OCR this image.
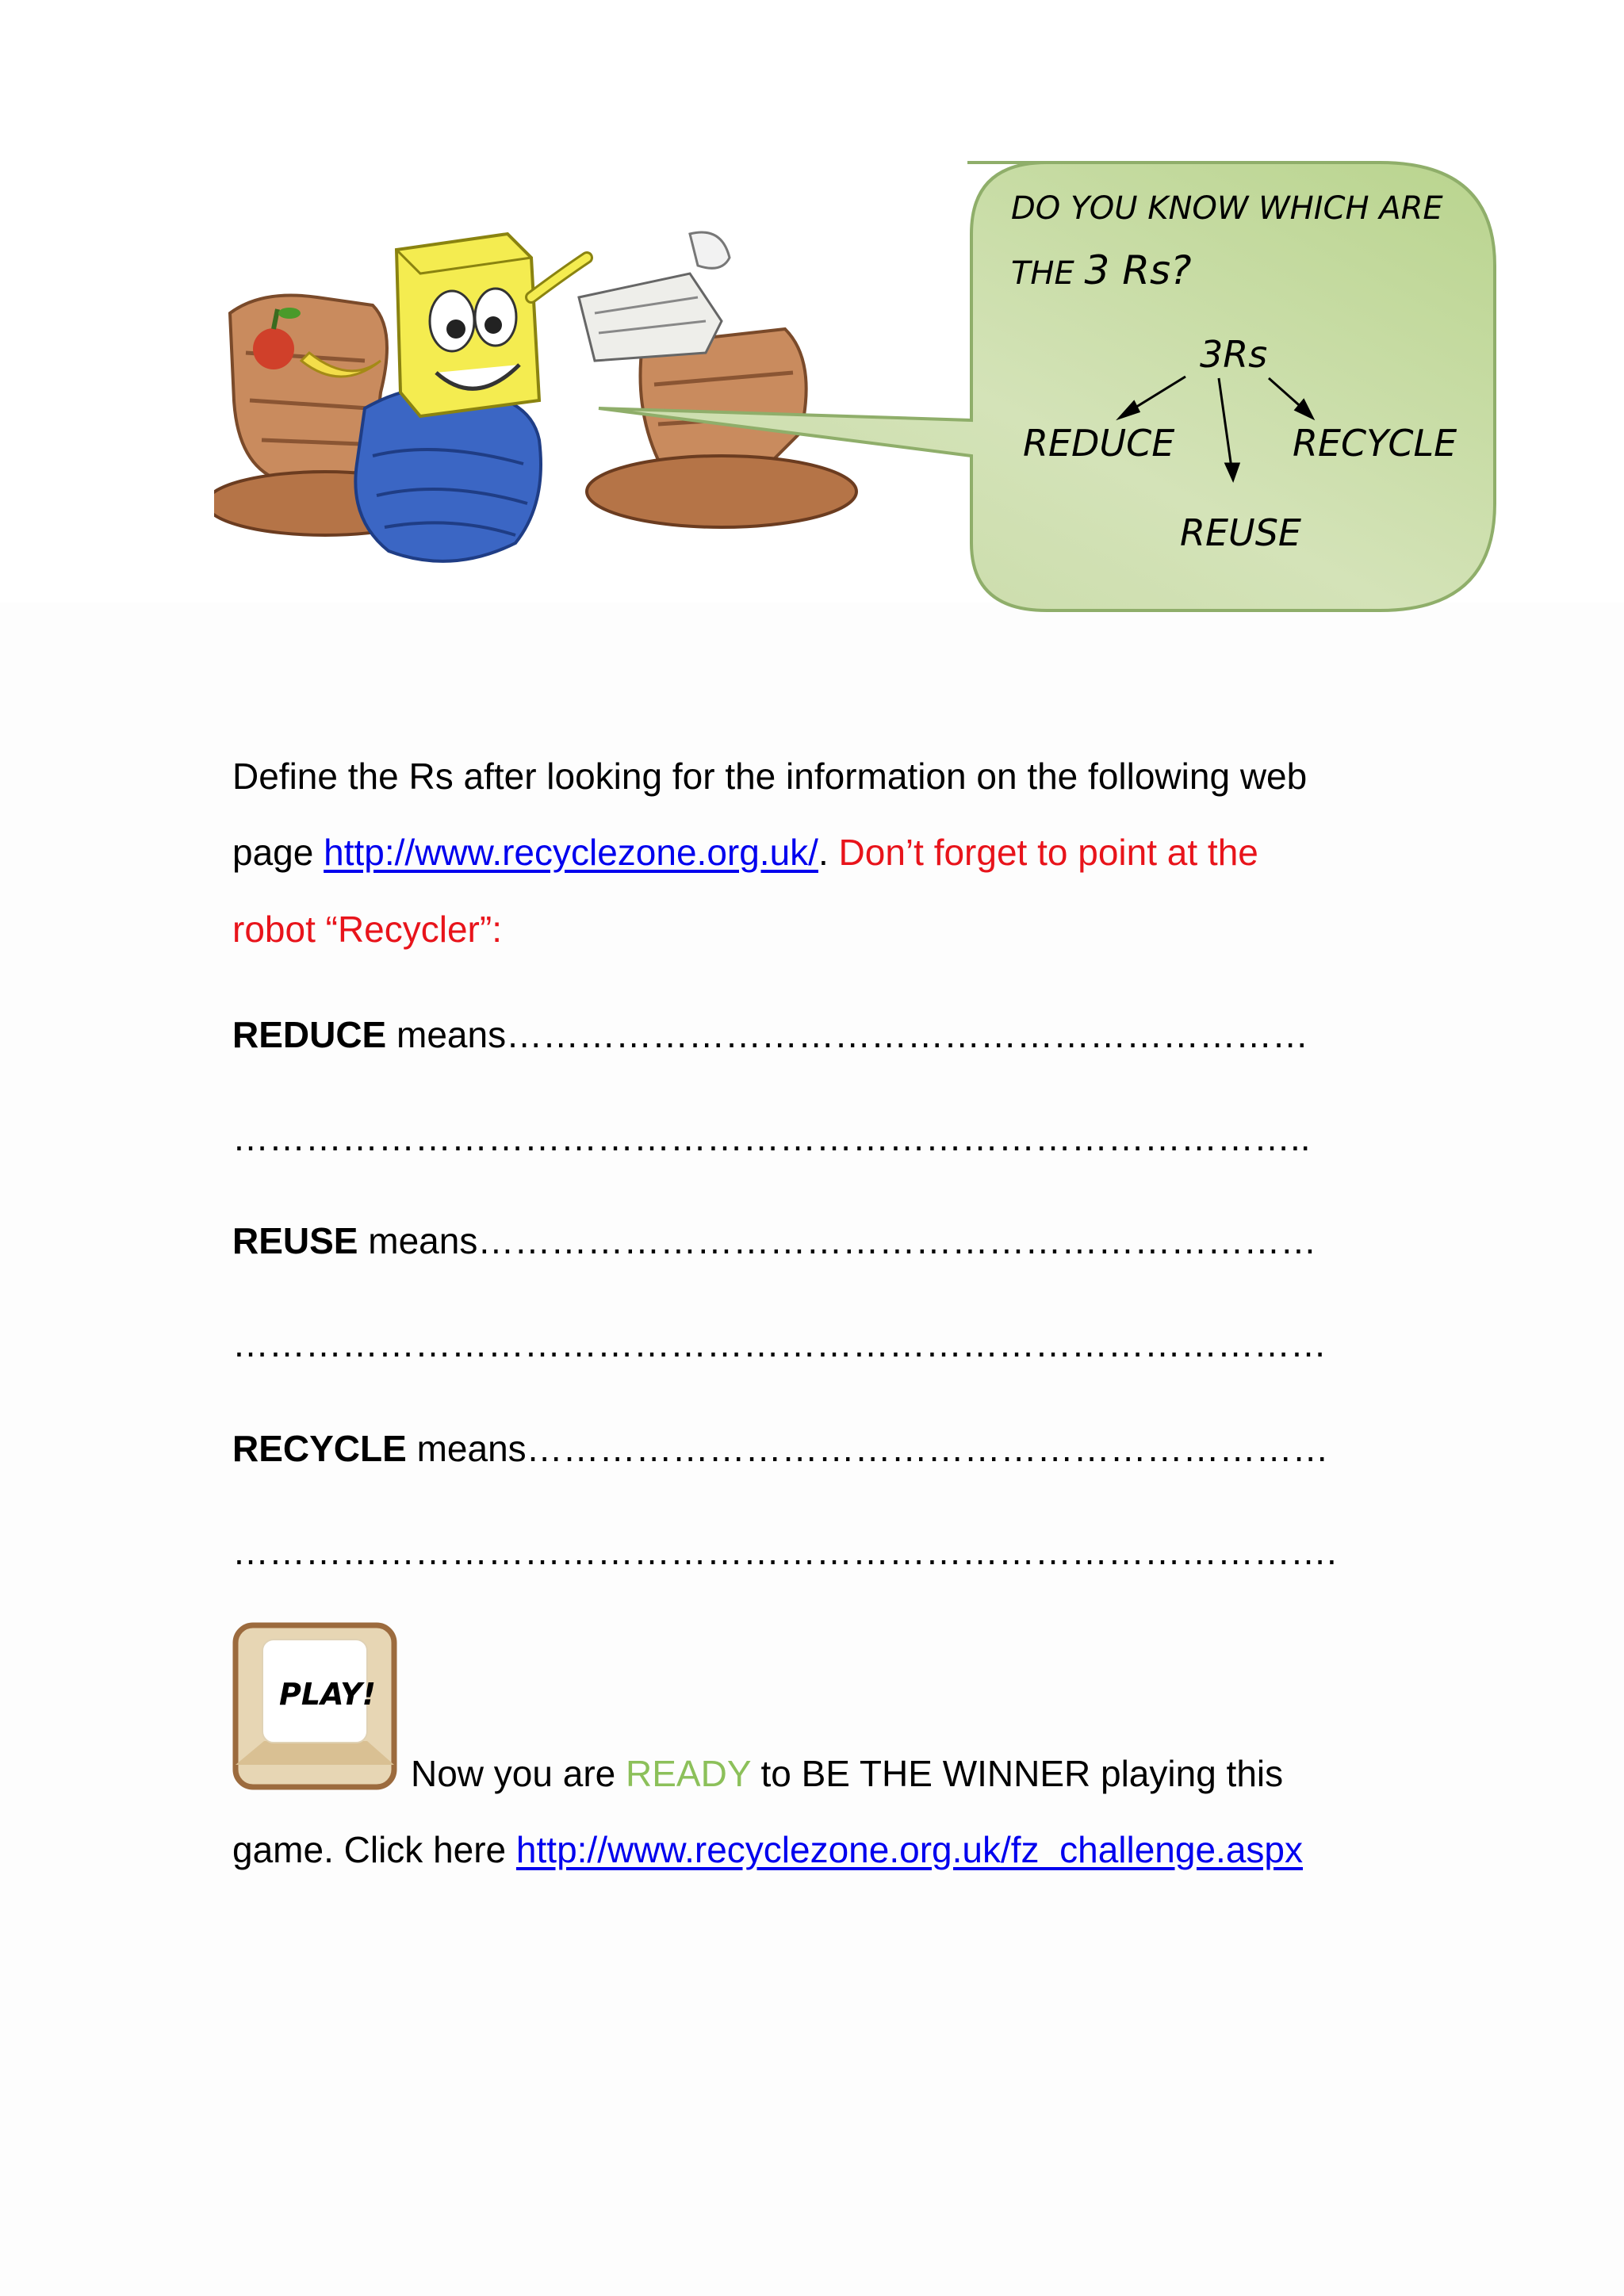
DO YOU KNOW WHICH ARE
THE 3 Rs?
3Rs
REDUCE	RECYCLE
REUSE
Define the Rs after looking for the information on the following web
page http://www.recyclezone.org.uk/. Don’t forget to point at the
robot “Recycler”:
REDUCE means…………………………………………………………
……………………………………………………………………………..
REUSE means……………………………………………………………
………………………………………………………………………………
RECYCLE means…………………………………………………………
……………………………………………………………………………….
PLAY!
Now you are READY to BE THE WINNER playing this
game. Click here http://www.recyclezone.org.uk/fz_challenge.aspx
